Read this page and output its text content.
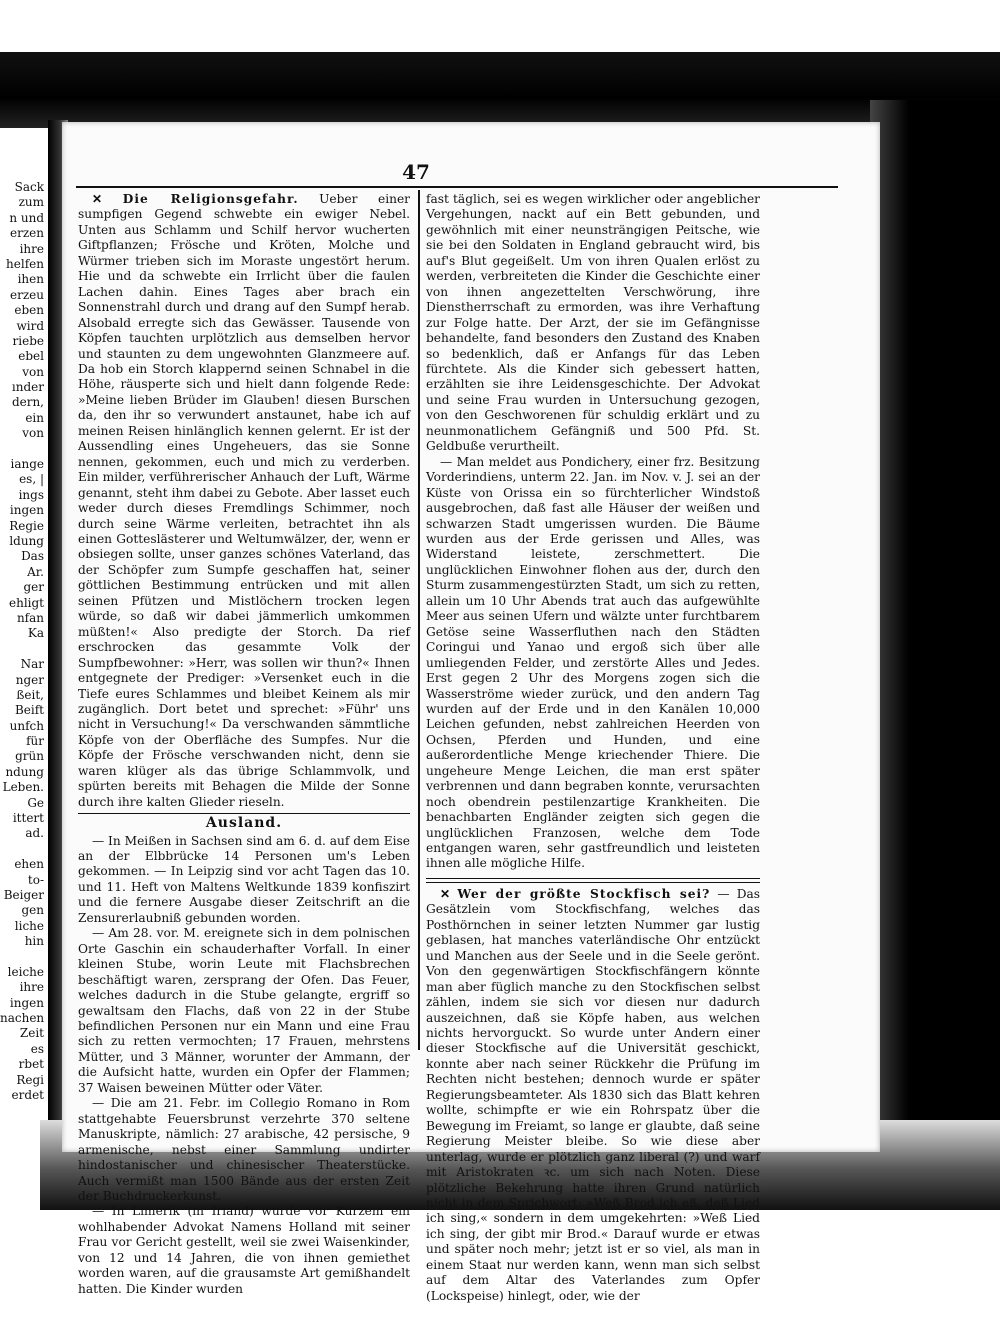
Sack
zum
n und
erzen
ihre
helfen
ihen
erzeu
eben
wird
riebe
ebel
von
ınder
dern,
ein
von
iange
es, |
ings
ingen
Regie
ldung
Das
Ar.
ger
ehligt
nfan
Ka
Nar
nger
ßeit,
Beift
unfch
für
grün
ndung
Leben.
Ge
ittert
ad.
ehen
to-
Beiger
gen
liche
hin
leiche
ihre
ingen
nachen
Zeit
es
rbet
Regi
erdet
47

✕ Die Religionsgefahr. Ueber einer sumpfigen Gegend schwebte ein ewiger Nebel. Unten aus Schlamm und Schilf hervor wucherten Giftpflanzen; Frösche und Kröten, Molche und Würmer trieben sich im Moraste ungestört herum. Hie und da schwebte ein Irrlicht über die faulen Lachen dahin. Eines Tages aber brach ein Sonnenstrahl durch und drang auf den Sumpf herab. Alsobald erregte sich das Gewässer. Tausende von Köpfen tauchten urplötzlich aus demselben hervor und staunten zu dem ungewohnten Glanzmeere auf. Da hob ein Storch klappernd seinen Schnabel in die Höhe, räusperte sich und hielt dann folgende Rede: »Meine lieben Brüder im Glauben! diesen Burschen da, den ihr so verwundert anstaunet, habe ich auf meinen Reisen hinlänglich kennen gelernt. Er ist der Aussendling eines Ungeheuers, das sie Sonne nennen, gekommen, euch und mich zu verderben. Ein milder, verführerischer Anhauch der Luft, Wärme genannt, steht ihm dabei zu Gebote. Aber lasset euch weder durch dieses Fremdlings Schimmer, noch durch seine Wärme verleiten, betrachtet ihn als einen Gotteslästerer und Weltumwälzer, der, wenn er obsiegen sollte, unser ganzes schönes Vaterland, das der Schöpfer zum Sumpfe geschaffen hat, seiner göttlichen Bestimmung entrücken und mit allen seinen Pfützen und Mistlöchern trocken legen würde, so daß wir dabei jämmerlich umkommen müßten!« Also predigte der Storch. Da rief erschrocken das gesammte Volk der Sumpfbewohner: »Herr, was sollen wir thun?« Ihnen entgegnete der Prediger: »Versenket euch in die Tiefe eures Schlammes und bleibet Keinem als mir zugänglich. Dort betet und sprechet: »Führ' uns nicht in Versuchung!« Da verschwanden sämmtliche Köpfe von der Oberfläche des Sumpfes. Nur die Köpfe der Frösche verschwanden nicht, denn sie waren klüger als das übrige Schlammvolk, und spürten bereits mit Behagen die Milde der Sonne durch ihre kalten Glieder rieseln.

Ausland.

— In Meißen in Sachsen sind am 6. d. auf dem Eise an der Elbbrücke 14 Personen um's Leben gekommen. — In Leipzig sind vor acht Tagen das 10. und 11. Heft von Maltens Weltkunde 1839 konfiszirt und die fernere Ausgabe dieser Zeitschrift an die Zensurerlaubniß gebunden worden.

— Am 28. vor. M. ereignete sich in dem polnischen Orte Gaschin ein schauderhafter Vorfall. In einer kleinen Stube, worin Leute mit Flachsbrechen beschäftigt waren, zersprang der Ofen. Das Feuer, welches dadurch in die Stube gelangte, ergriff so gewaltsam den Flachs, daß von 22 in der Stube befindlichen Personen nur ein Mann und eine Frau sich zu retten vermochten; 17 Frauen, mehrstens Mütter, und 3 Männer, worunter der Ammann, der die Aufsicht hatte, wurden ein Opfer der Flammen; 37 Waisen beweinen Mütter oder Väter.

— Die am 21. Febr. im Collegio Romano in Rom stattgehabte Feuersbrunst verzehrte 370 seltene Manuskripte, nämlich: 27 arabische, 42 persische, 9 armenische, nebst einer Sammlung undirter hindostanischer und chinesischer Theaterstücke. Auch vermißt man 1500 Bände aus der ersten Zeit der Buchdruckerkunst.

— In Limerik (in Irland) wurde vor Kurzem ein wohlhabender Advokat Namens Holland mit seiner Frau vor Gericht gestellt, weil sie zwei Waisenkinder, von 12 und 14 Jahren, die von ihnen gemiethet worden waren, auf die grausamste Art gemißhandelt hatten. Die Kinder wurden

fast täglich, sei es wegen wirklicher oder angeblicher Vergehungen, nackt auf ein Bett gebunden, und gewöhnlich mit einer neunsträngigen Peitsche, wie sie bei den Soldaten in England gebraucht wird, bis auf's Blut gegeißelt. Um von ihren Qualen erlöst zu werden, verbreiteten die Kinder die Geschichte einer von ihnen angezettelten Verschwörung, ihre Dienstherrschaft zu ermorden, was ihre Verhaftung zur Folge hatte. Der Arzt, der sie im Gefängnisse behandelte, fand besonders den Zustand des Knaben so bedenklich, daß er Anfangs für das Leben fürchtete. Als die Kinder sich gebessert hatten, erzählten sie ihre Leidensgeschichte. Der Advokat und seine Frau wurden in Untersuchung gezogen, von den Geschworenen für schuldig erklärt und zu neunmonatlichem Gefängniß und 500 Pfd. St. Geldbuße verurtheilt.

— Man meldet aus Pondichery, einer frz. Besitzung Vorderindiens, unterm 22. Jan. im Nov. v. J. sei an der Küste von Orissa ein so fürchterlicher Windstoß ausgebrochen, daß fast alle Häuser der weißen und schwarzen Stadt umgerissen wurden. Die Bäume wurden aus der Erde gerissen und Alles, was Widerstand leistete, zerschmettert. Die unglücklichen Einwohner flohen aus der, durch den Sturm zusammengestürzten Stadt, um sich zu retten, allein um 10 Uhr Abends trat auch das aufgewühlte Meer aus seinen Ufern und wälzte unter furchtbarem Getöse seine Wasserfluthen nach den Städten Coringui und Yanao und ergoß sich über alle umliegenden Felder, und zerstörte Alles und Jedes. Erst gegen 2 Uhr des Morgens zogen sich die Wasserströme wieder zurück, und den andern Tag wurden auf der Erde und in den Kanälen 10,000 Leichen gefunden, nebst zahlreichen Heerden von Ochsen, Pferden und Hunden, und eine außerordentliche Menge kriechender Thiere. Die ungeheure Menge Leichen, die man erst später verbrennen und dann begraben konnte, verursachten noch obendrein pestilenzartige Krankheiten. Die benachbarten Engländer zeigten sich gegen die unglücklichen Franzosen, welche dem Tode entgangen waren, sehr gastfreundlich und leisteten ihnen alle mögliche Hilfe.

✕ Wer der größte Stockfisch sei? — Das Gesätzlein vom Stockfischfang, welches das Posthörnchen in seiner letzten Nummer gar lustig geblasen, hat manches vaterländische Ohr entzückt und Manchen aus der Seele und in die Seele gerönt. Von den gegenwärtigen Stockfischfängern könnte man aber füglich manche zu den Stockfischen selbst zählen, indem sie sich vor diesen nur dadurch auszeichnen, daß sie Köpfe haben, aus welchen nichts hervorguckt. So wurde unter Andern einer dieser Stockfische auf die Universität geschickt, konnte aber nach seiner Rückkehr die Prüfung im Rechten nicht bestehen; dennoch wurde er später Regierungsbeamteter. Als 1830 sich das Blatt kehren wollte, schimpfte er wie ein Rohrspatz über die Bewegung im Freiamt, so lange er glaubte, daß seine Regierung Meister bleibe. So wie diese aber unterlag, wurde er plötzlich ganz liberal (?) und warf mit Aristokraten ꝛc. um sich nach Noten. Diese plötzliche Bekehrung hatte ihren Grund natürlich nicht in dem Sprichwort: »Weß Brod ich eß, deß Lied ich sing,« sondern in dem umgekehrten: »Weß Lied ich sing, der gibt mir Brod.« Darauf wurde er etwas und später noch mehr; jetzt ist er so viel, als man in einem Staat nur werden kann, wenn man sich selbst auf dem Altar des Vaterlandes zum Opfer (Lockspeise) hinlegt, oder, wie der
